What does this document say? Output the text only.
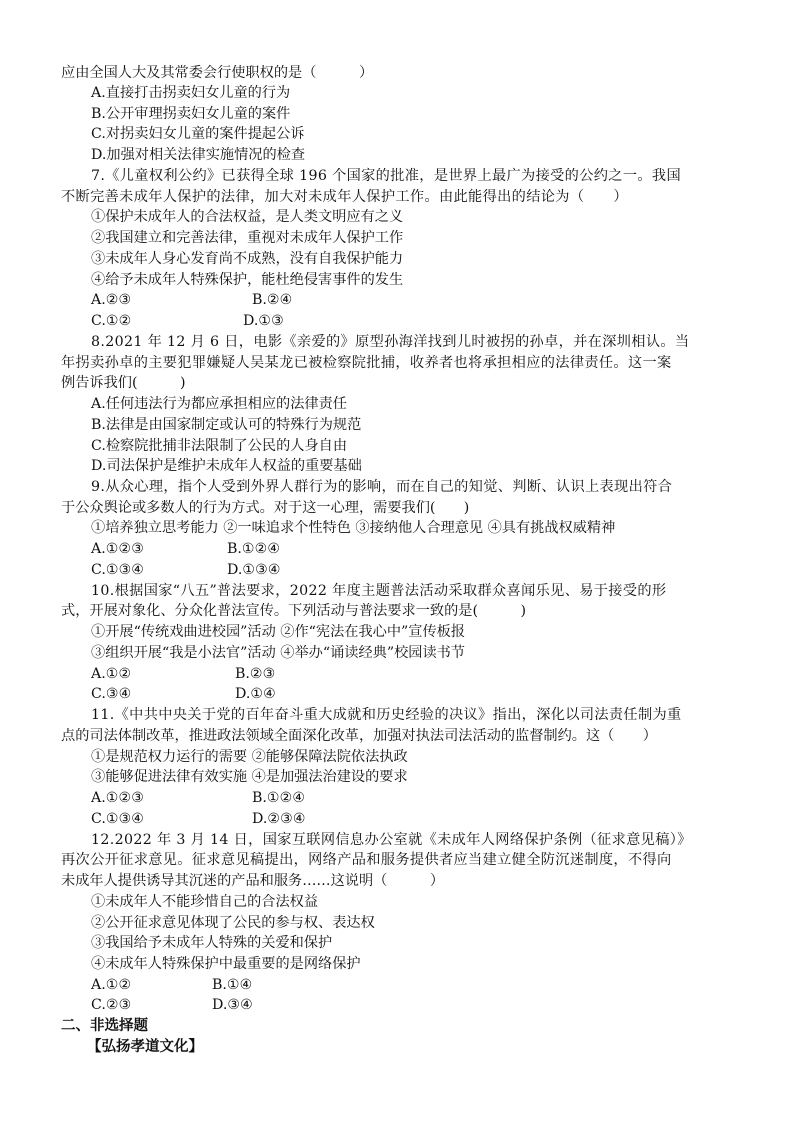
应由全国人大及其常委会行使职权的是（　　　）
A.直接打击拐卖妇女儿童的行为
B.公开审理拐卖妇女儿童的案件
C.对拐卖妇女儿童的案件提起公诉
D.加强对相关法律实施情况的检查
7.《儿童权利公约》已获得全球 196 个国家的批准，是世界上最广为接受的公约之一。我国
不断完善未成年人保护的法律，加大对未成年人保护工作。由此能得出的结论为（　　）
①保护未成年人的合法权益，是人类文明应有之义
②我国建立和完善法律，重视对未成年人保护工作
③未成年人身心发育尚不成熟，没有自我保护能力
④给予未成年人特殊保护，能杜绝侵害事件的发生
A.②③	B.②④
C.①②	D.①③
8.2021 年 12 月 6 日，电影《亲爱的》原型孙海洋找到儿时被拐的孙卓，并在深圳相认。当
年拐卖孙卓的主要犯罪嫌疑人吴某龙已被检察院批捕，收养者也将承担相应的法律责任。这一案
例告诉我们(　　　)
A.任何违法行为都应承担相应的法律责任
B.法律是由国家制定或认可的特殊行为规范
C.检察院批捕非法限制了公民的人身自由
D.司法保护是维护未成年人权益的重要基础
9.从众心理，指个人受到外界人群行为的影响，而在自己的知觉、判断、认识上表现出符合
于公众舆论或多数人的行为方式。对于这一心理，需要我们(　　)
①培养独立思考能力 ②一味追求个性特色 ③接纳他人合理意见 ④具有挑战权威精神
A.①②③	B.①②④
C.①③④	D.①③④
10.根据国家“八五”普法要求，2022 年度主题普法活动采取群众喜闻乐见、易于接受的形
式，开展对象化、分众化普法宣传。下列活动与普法要求一致的是(　　　)
①开展“传统戏曲进校园”活动 ②作“宪法在我心中”宣传板报
③组织开展“我是小法官”活动 ④举办“诵读经典”校园读书节
A.①②	B.②③
C.③④	D.①④
11.《中共中央关于党的百年奋斗重大成就和历史经验的决议》指出，深化以司法责任制为重
点的司法体制改革，推进政法领域全面深化改革，加强对执法司法活动的监督制约。这（　　）
①是规范权力运行的需要 ②能够保障法院依法执政
③能够促进法律有效实施 ④是加强法治建设的要求
A.①②③	B.①②④
C.①③④	D.②③④
12.2022 年 3 月 14 日，国家互联网信息办公室就《未成年人网络保护条例（征求意见稿）》
再次公开征求意见。征求意见稿提出，网络产品和服务提供者应当建立健全防沉迷制度，不得向
未成年人提供诱导其沉迷的产品和服务……这说明（　　　）
①未成年人不能珍惜自己的合法权益
②公开征求意见体现了公民的参与权、表达权
③我国给予未成年人特殊的关爱和保护
④未成年人特殊保护中最重要的是网络保护
A.①②	B.①④
C.②③	D.③④
二、非选择题
【弘扬孝道文化】
